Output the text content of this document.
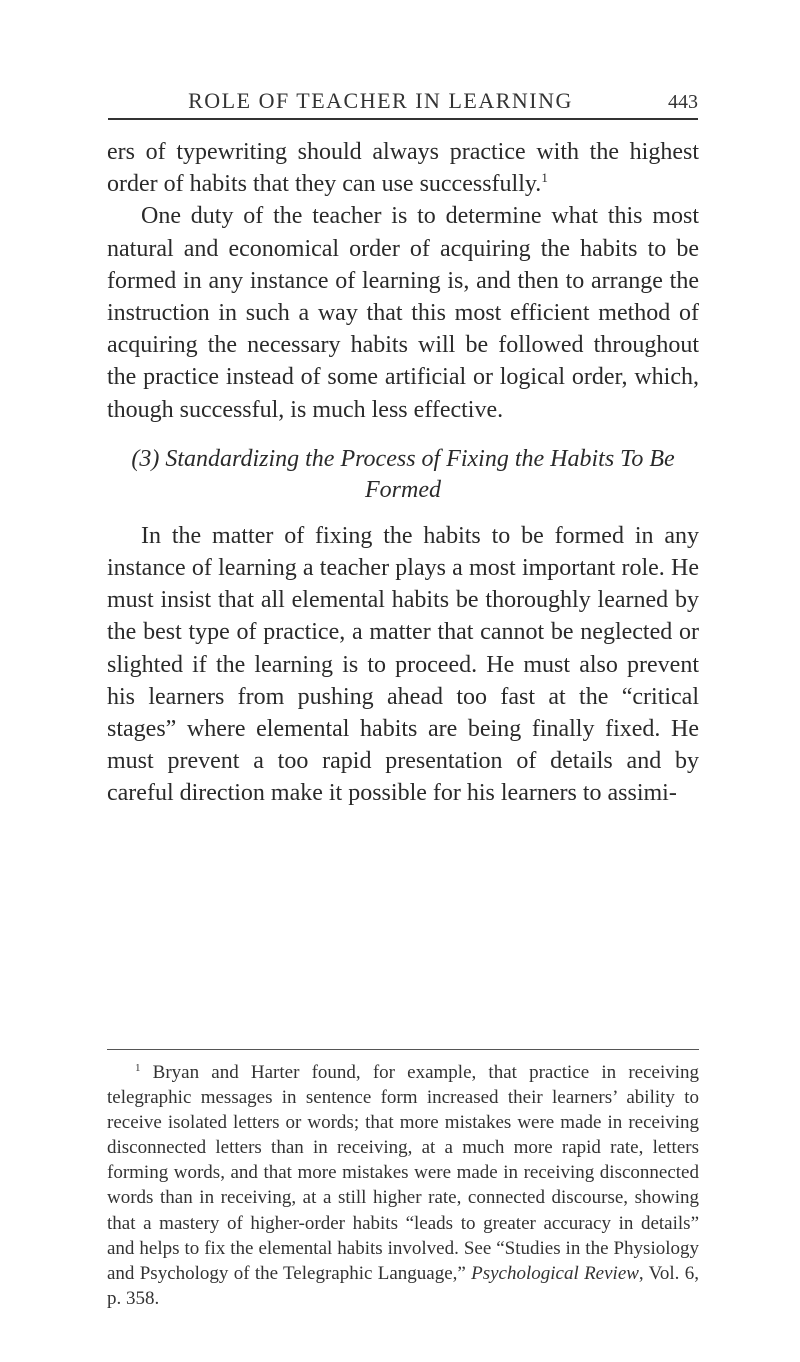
ROLE OF TEACHER IN LEARNING	443

ers of typewriting should always practice with the highest order of habits that they can use successfully.$^1$

One duty of the teacher is to determine what this most natural and economical order of acquiring the habits to be formed in any instance of learning is, and then to arrange the instruction in such a way that this most efficient method of acquiring the necessary habits will be followed throughout the practice instead of some artificial or logical order, which, though successful, is much less effective.

(3) Standardizing the Process of Fixing the Habits To Be Formed

In the matter of fixing the habits to be formed in any instance of learning a teacher plays a most important role. He must insist that all elemental habits be thoroughly learned by the best type of practice, a matter that cannot be neglected or slighted if the learning is to proceed. He must also prevent his learners from pushing ahead too fast at the “critical stages” where elemental habits are being finally fixed. He must prevent a too rapid presentation of details and by careful direction make it possible for his learners to assimi-

$^1$ Bryan and Harter found, for example, that practice in receiving telegraphic messages in sentence form increased their learners’ ability to receive isolated letters or words; that more mistakes were made in receiving disconnected letters than in receiving, at a much more rapid rate, letters forming words, and that more mistakes were made in receiving disconnected words than in receiving, at a still higher rate, connected discourse, showing that a mastery of higher-order habits “leads to greater accuracy in details” and helps to fix the elemental habits involved. See “Studies in the Physiology and Psychology of the Telegraphic Language,” Psychological Review, Vol. 6, p. 358.
